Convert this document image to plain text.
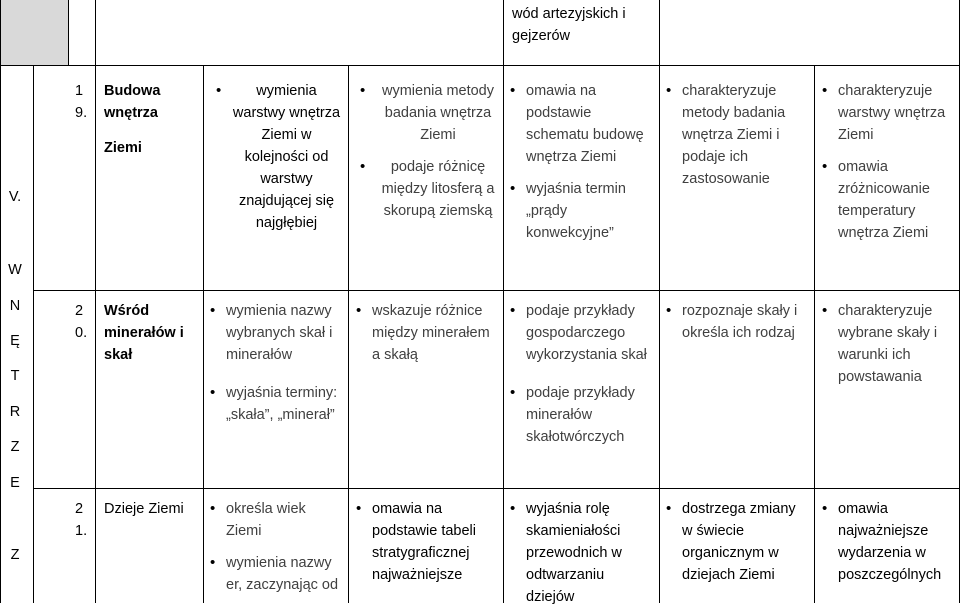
wód artezyjskich i gejzerów
V.
W
N
Ę
T
R
Z
E
Z
1
9.
Budowa
wnętrza
Ziemi
• wymienia warstwy wnętrza Ziemi w kolejności od warstwy znajdującej się najgłębiej
• wymienia metody badania wnętrza Ziemi
• podaje różnicę między litosferą a skorupą ziemską
• omawia na podstawie schematu budowę wnętrza Ziemi
• wyjaśnia termin „prądy konwekcyjne”
• charakteryzuje metody badania wnętrza Ziemi i podaje ich zastosowanie
• charakteryzuje warstwy wnętrza Ziemi
• omawia zróżnicowanie temperatury wnętrza Ziemi
2
0.
Wśród
minerałów i
skał
• wymienia nazwy wybranych skał i minerałów
• wyjaśnia terminy: „skała”, „minerał”
• wskazuje różnice między minerałem a skałą
• podaje przykłady gospodarczego wykorzystania skał
• podaje przykłady minerałów skałotwórczych
• rozpoznaje skały i określa ich rodzaj
• charakteryzuje wybrane skały i warunki ich powstawania
2
1.
Dzieje Ziemi
•	określa wiek Ziemi
• wymienia nazwy er, zaczynając od
• omawia na podstawie tabeli stratygraficznej najważniejsze
• wyjaśnia rolę skamieniałości przewodnich w odtwarzaniu dziejów
• dostrzega zmiany w świecie organicznym w dziejach Ziemi
• omawia najważniejsze wydarzenia w poszczególnych
